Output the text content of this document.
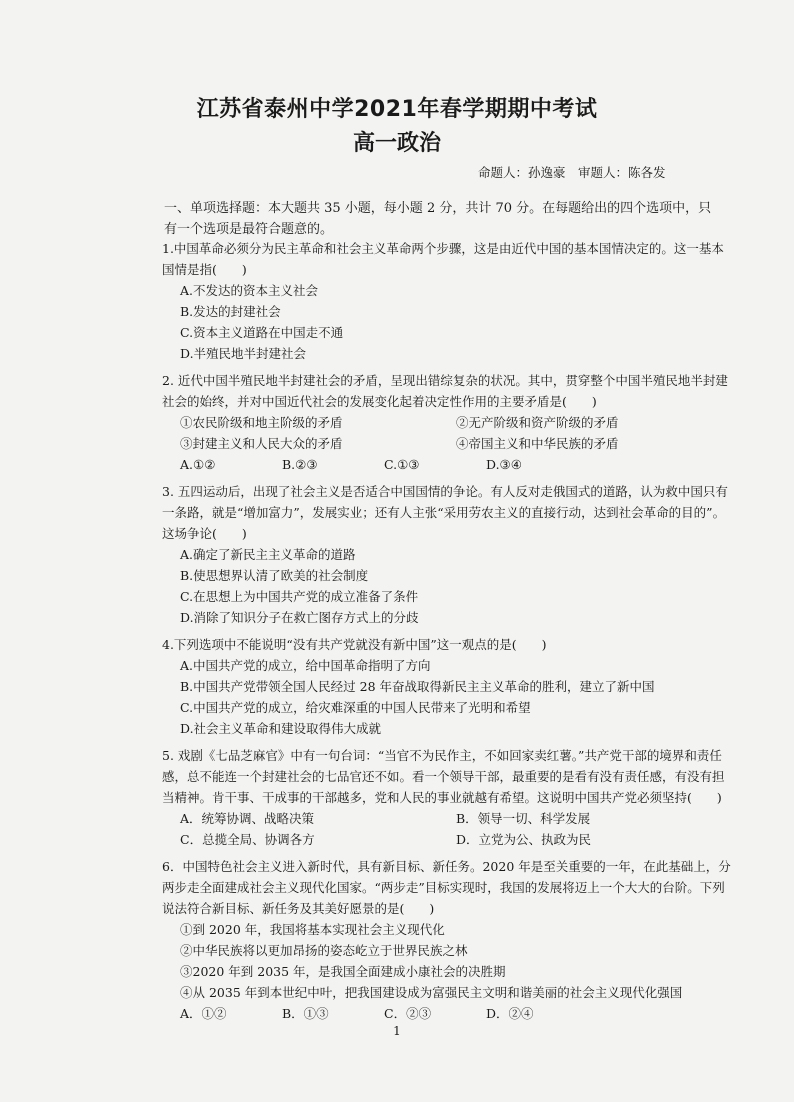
江苏省泰州中学2021年春学期期中考试
高一政治
命题人：孙逸豪　审题人：陈各发
一、单项选择题：本大题共 35 小题，每小题 2 分，共计 70 分。在每题给出的四个选项中，只有一个选项是最符合题意的。
1.中国革命必须分为民主革命和社会主义革命两个步骤，这是由近代中国的基本国情决定的。这一基本国情是指(　　)
A.不发达的资本主义社会
B.发达的封建社会
C.资本主义道路在中国走不通
D.半殖民地半封建社会
2. 近代中国半殖民地半封建社会的矛盾，呈现出错综复杂的状况。其中，贯穿整个中国半殖民地半封建社会的始终，并对中国近代社会的发展变化起着决定性作用的主要矛盾是(　　)
①农民阶级和地主阶级的矛盾	②无产阶级和资产阶级的矛盾
③封建主义和人民大众的矛盾	④帝国主义和中华民族的矛盾
A.①②	B.②③	C.①③	D.③④
3. 五四运动后，出现了社会主义是否适合中国国情的争论。有人反对走俄国式的道路，认为救中国只有一条路，就是“增加富力”，发展实业；还有人主张“采用劳农主义的直接行动，达到社会革命的目的”。这场争论(　　)
A.确定了新民主主义革命的道路
B.使思想界认清了欧美的社会制度
C.在思想上为中国共产党的成立准备了条件
D.消除了知识分子在救亡图存方式上的分歧
4.下列选项中不能说明“没有共产党就没有新中国”这一观点的是(　　)
A.中国共产党的成立，给中国革命指明了方向
B.中国共产党带领全国人民经过 28 年奋战取得新民主主义革命的胜利，建立了新中国
C.中国共产党的成立，给灾难深重的中国人民带来了光明和希望
D.社会主义革命和建设取得伟大成就
5. 戏剧《七品芝麻官》中有一句台词：“当官不为民作主，不如回家卖红薯。”共产党干部的境界和责任感，总不能连一个封建社会的七品官还不如。看一个领导干部，最重要的是看有没有责任感，有没有担当精神。肯干事、干成事的干部越多，党和人民的事业就越有希望。这说明中国共产党必须坚持(　　)
A．统筹协调、战略决策	B．领导一切、科学发展
C．总揽全局、协调各方	D．立党为公、执政为民
6．中国特色社会主义进入新时代，具有新目标、新任务。2020 年是至关重要的一年，在此基础上，分两步走全面建成社会主义现代化国家。“两步走”目标实现时，我国的发展将迈上一个大大的台阶。下列说法符合新目标、新任务及其美好愿景的是(　　)
①到 2020 年，我国将基本实现社会主义现代化
②中华民族将以更加昂扬的姿态屹立于世界民族之林
③2020 年到 2035 年，是我国全面建成小康社会的决胜期
④从 2035 年到本世纪中叶，把我国建设成为富强民主文明和谐美丽的社会主义现代化强国
A．①②	B．①③	C．②③	D．②④
1
